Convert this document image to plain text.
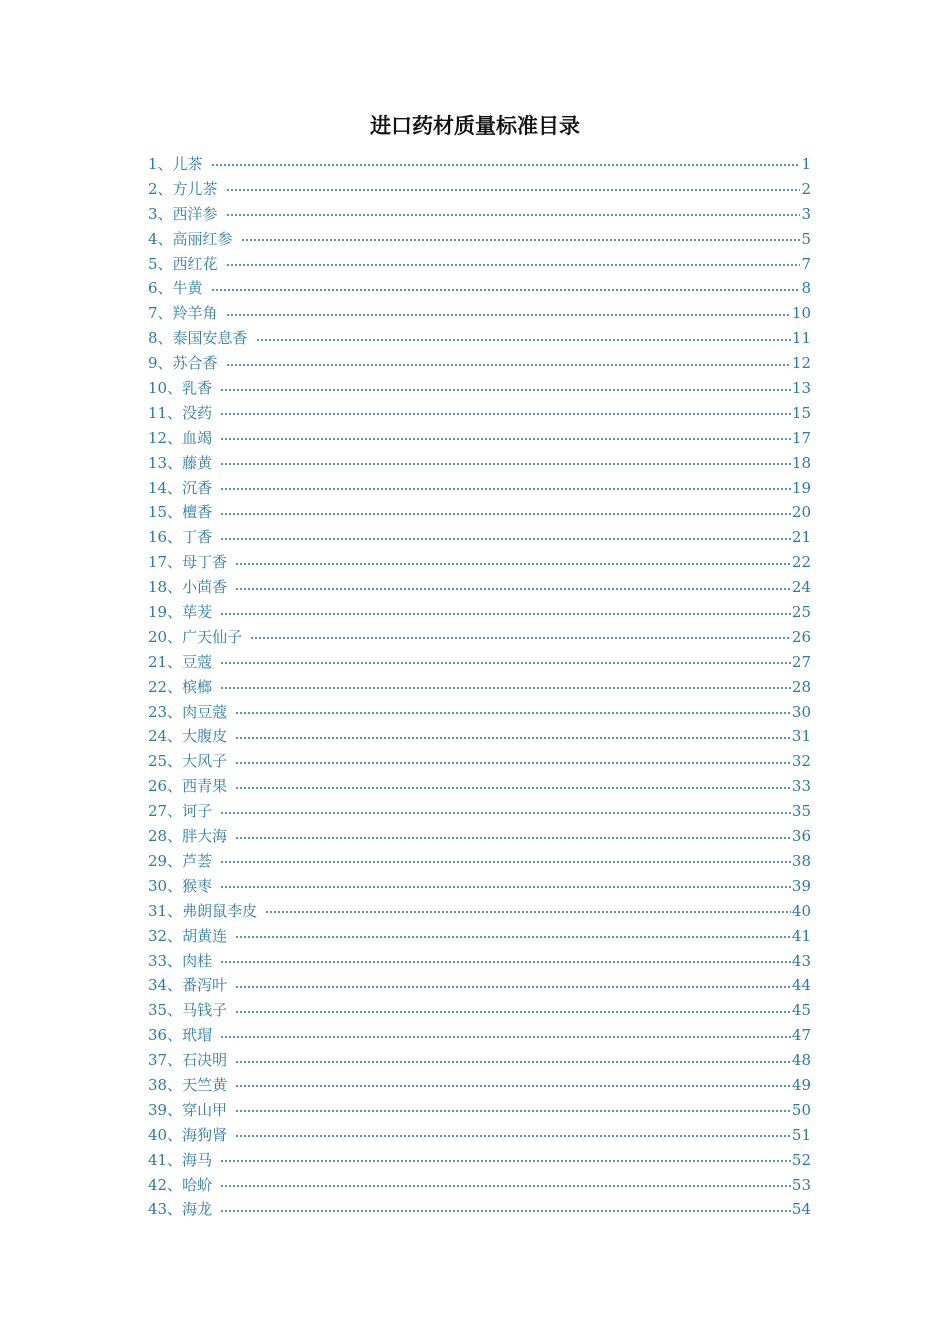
进口药材质量标准目录
1、 儿茶	1
2、 方儿茶	2
3、 西洋参	3
4、 高丽红参	5
5、 西红花	7
6、 牛黄	8
7、 羚羊角	10
8、 泰国安息香	11
9、 苏合香	12
10、 乳香	13
11、 没药	15
12、 血竭	17
13、 藤黄	18
14、 沉香	19
15、 檀香	20
16、 丁香	21
17、 母丁香	22
18、 小茴香	24
19、 荜茇	25
20、 广天仙子	26
21、 豆蔻	27
22、 槟榔	28
23、 肉豆蔻	30
24、 大腹皮	31
25、 大风子	32
26、 西青果	33
27、 诃子	35
28、 胖大海	36
29、 芦荟	38
30、 猴枣	39
31、 弗朗鼠李皮	40
32、 胡黄连	41
33、 肉桂	43
34、 番泻叶	44
35、 马钱子	45
36、 玳瑁	47
37、 石决明	48
38、 天竺黄	49
39、 穿山甲	50
40、 海狗肾	51
41、 海马	52
42、 哈蚧	53
43、 海龙	54
